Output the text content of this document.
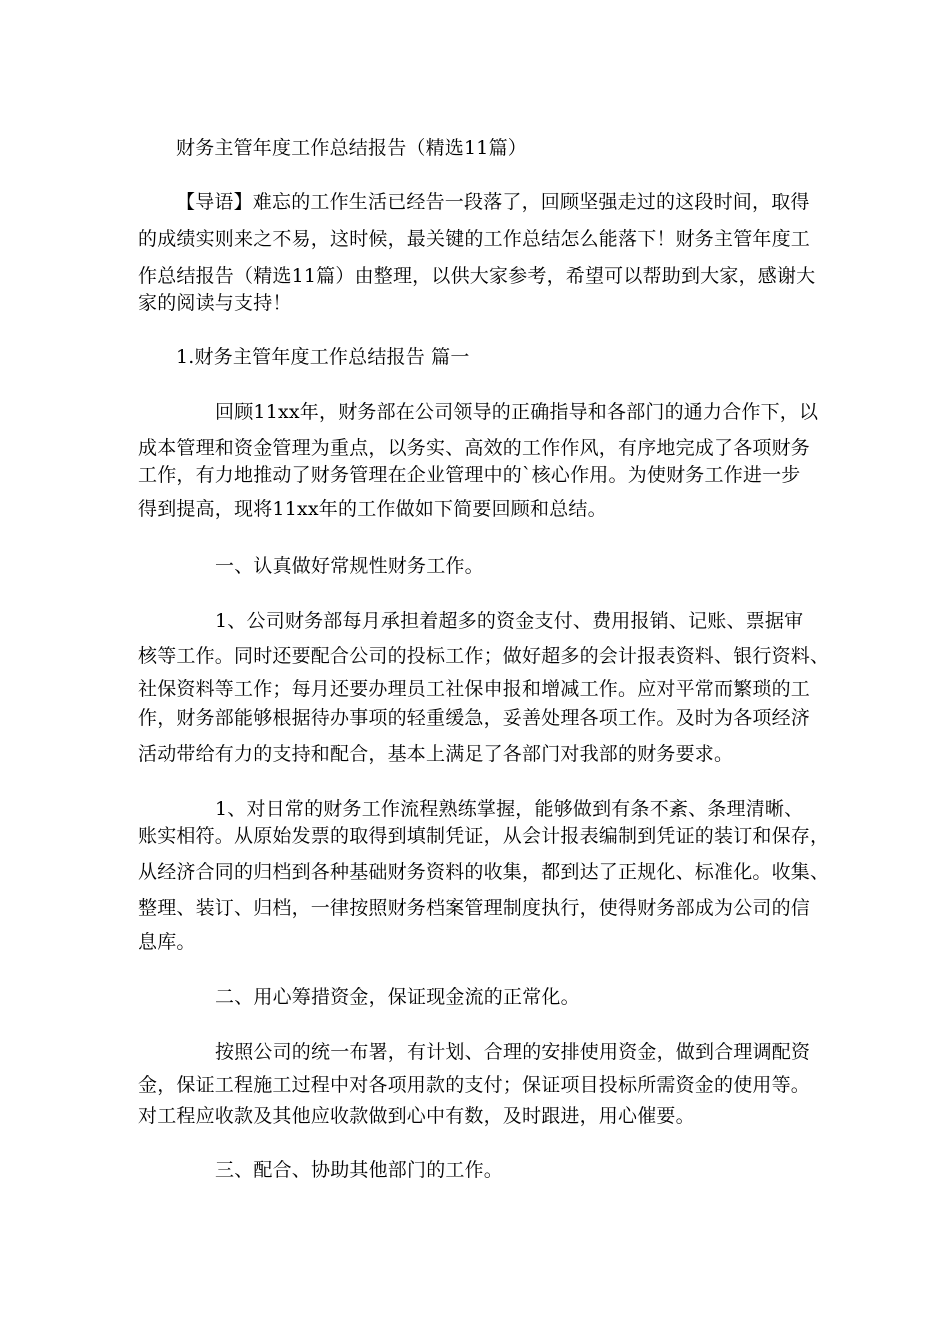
财务主管年度工作总结报告（精选11篇）
【导语】难忘的工作生活已经告一段落了，回顾坚强走过的这段时间，取得
的成绩实则来之不易，这时候，最关键的工作总结怎么能落下！财务主管年度工
作总结报告（精选11篇）由整理，以供大家参考，希望可以帮助到大家，感谢大
家的阅读与支持！
1.财务主管年度工作总结报告 篇一
回顾11xx年，财务部在公司领导的正确指导和各部门的通力合作下，以
成本管理和资金管理为重点，以务实、高效的工作作风，有序地完成了各项财务
工作，有力地推动了财务管理在企业管理中的`核心作用。为使财务工作进一步
得到提高，现将11xx年的工作做如下简要回顾和总结。
一、认真做好常规性财务工作。
1、公司财务部每月承担着超多的资金支付、费用报销、记账、票据审
核等工作。同时还要配合公司的投标工作；做好超多的会计报表资料、银行资料、
社保资料等工作；每月还要办理员工社保申报和增减工作。应对平常而繁琐的工
作，财务部能够根据待办事项的轻重缓急，妥善处理各项工作。及时为各项经济
活动带给有力的支持和配合，基本上满足了各部门对我部的财务要求。
1、对日常的财务工作流程熟练掌握，能够做到有条不紊、条理清晰、
账实相符。从原始发票的取得到填制凭证，从会计报表编制到凭证的装订和保存，
从经济合同的归档到各种基础财务资料的收集，都到达了正规化、标准化。收集、
整理、装订、归档，一律按照财务档案管理制度执行，使得财务部成为公司的信
息库。
二、用心筹措资金，保证现金流的正常化。
按照公司的统一布署，有计划、合理的安排使用资金，做到合理调配资
金，保证工程施工过程中对各项用款的支付；保证项目投标所需资金的使用等。
对工程应收款及其他应收款做到心中有数，及时跟进，用心催要。
三、配合、协助其他部门的工作。
